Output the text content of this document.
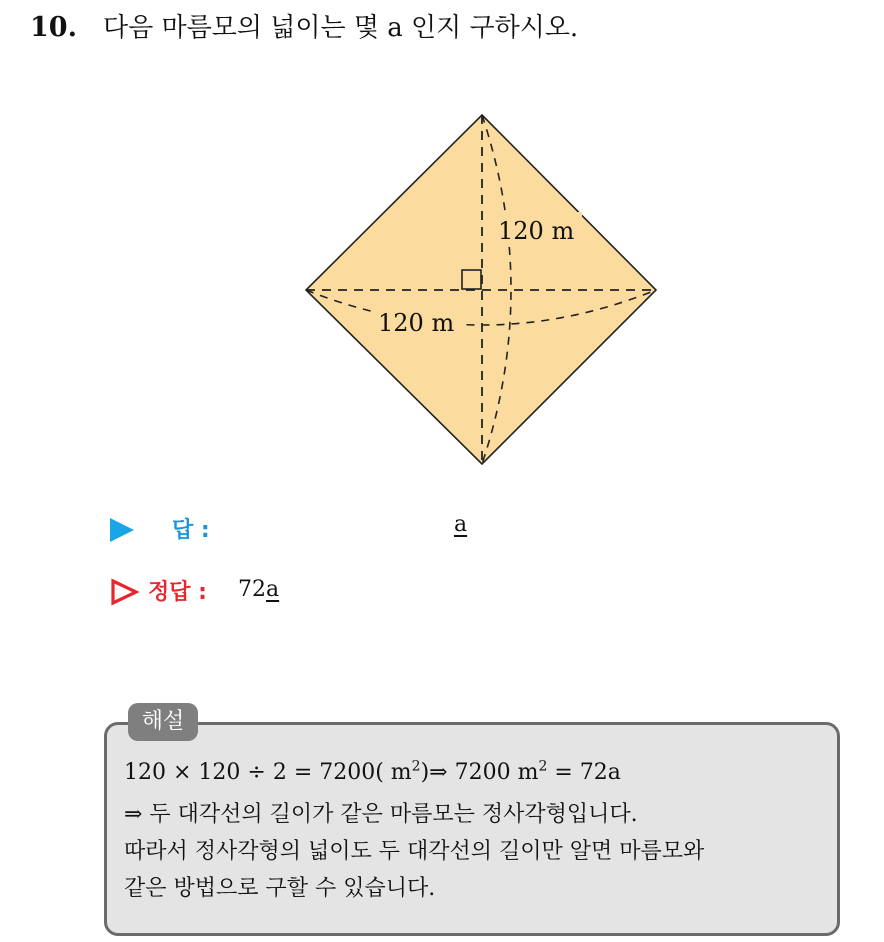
10. 다음 마름모의 넓이는 몇 a 인지 구하시오.
120 m
120 m
답 :	a
정답 : 72a
해설
120 × 120 ÷ 2 = 7200( $m^2)\Rightarrow$ 7200 $m^2 = 72a$
⇒ 두 대각선의 길이가 같은 마름모는 정사각형입니다.
따라서 정사각형의 넓이도 두 대각선의 길이만 알면 마름모와
같은 방법으로 구할 수 있습니다.
